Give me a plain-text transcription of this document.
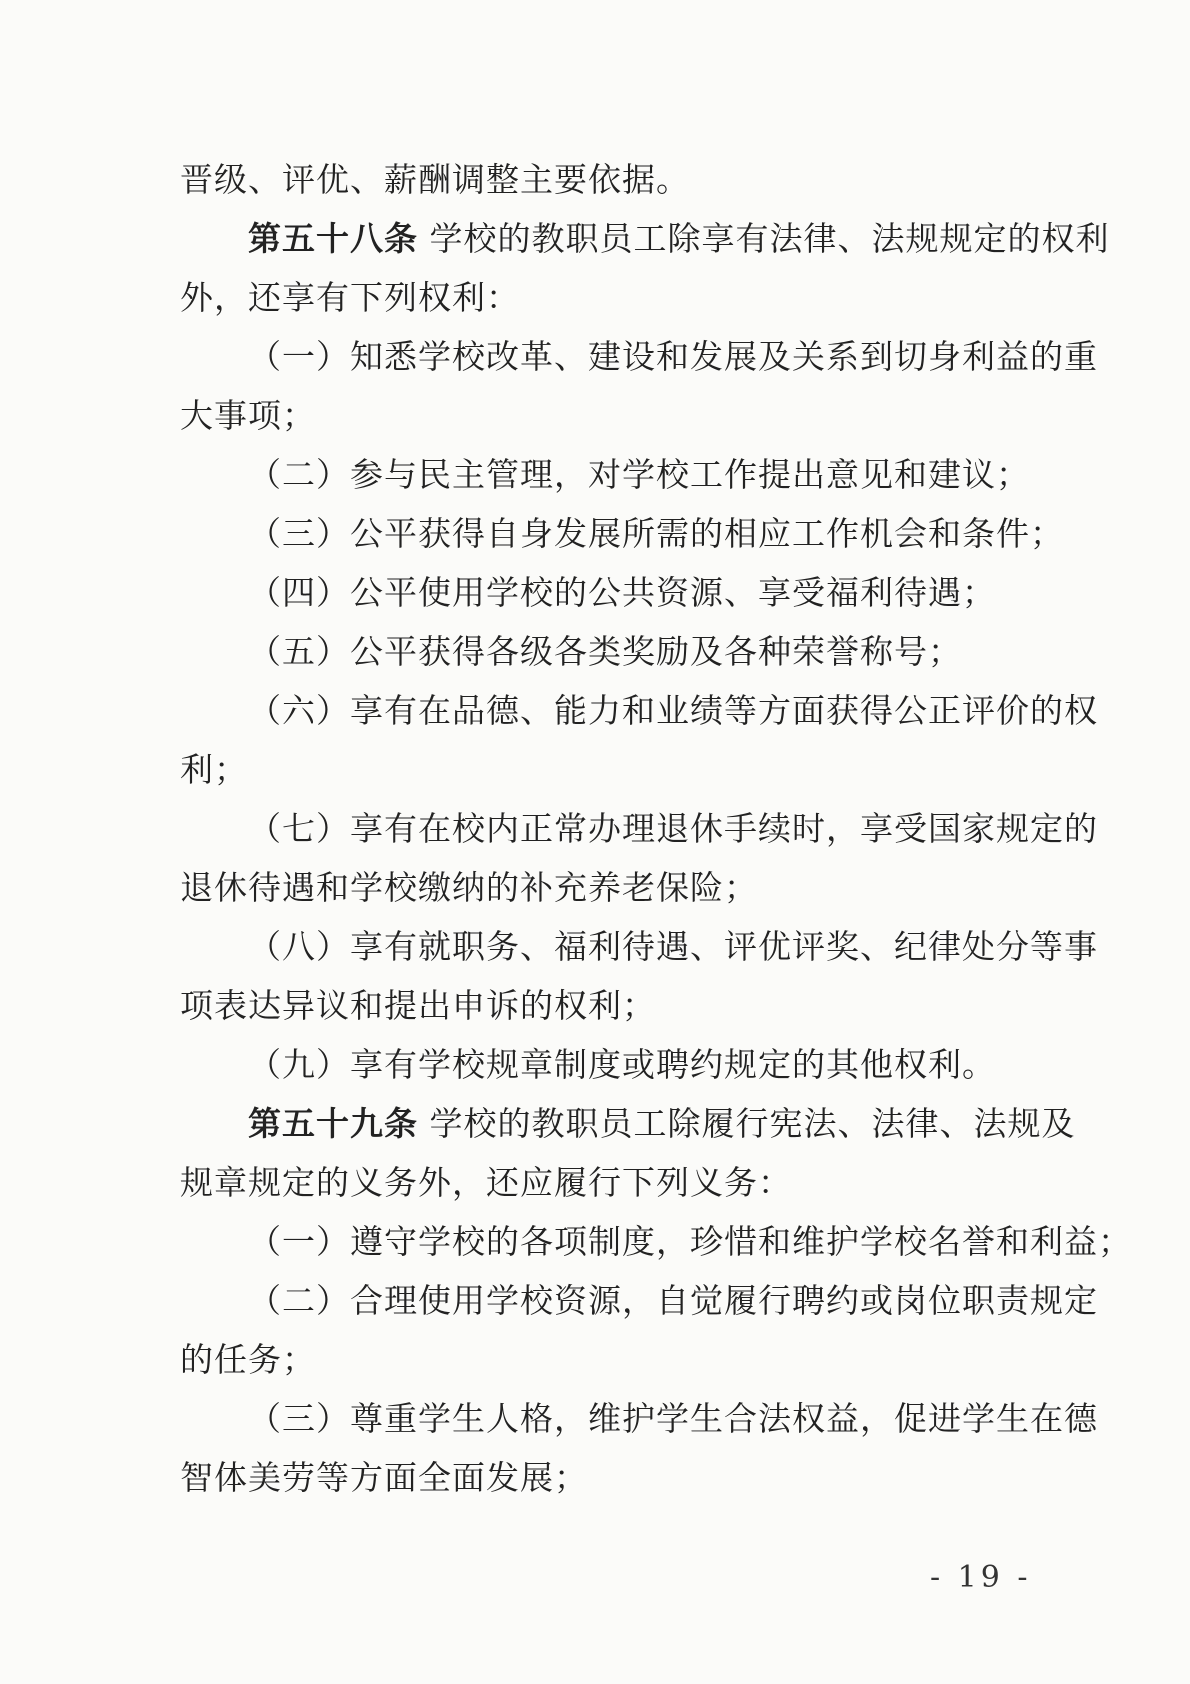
晋级、评优、薪酬调整主要依据。
第五十八条 学校的教职员工除享有法律、法规规定的权利
外，还享有下列权利：
（一）知悉学校改革、建设和发展及关系到切身利益的重
大事项；
（二）参与民主管理，对学校工作提出意见和建议；
（三）公平获得自身发展所需的相应工作机会和条件；
（四）公平使用学校的公共资源、享受福利待遇；
（五）公平获得各级各类奖励及各种荣誉称号；
（六）享有在品德、能力和业绩等方面获得公正评价的权
利；
（七）享有在校内正常办理退休手续时，享受国家规定的
退休待遇和学校缴纳的补充养老保险；
（八）享有就职务、福利待遇、评优评奖、纪律处分等事
项表达异议和提出申诉的权利；
（九）享有学校规章制度或聘约规定的其他权利。
第五十九条 学校的教职员工除履行宪法、法律、法规及
规章规定的义务外，还应履行下列义务：
（一）遵守学校的各项制度，珍惜和维护学校名誉和利益；
（二）合理使用学校资源，自觉履行聘约或岗位职责规定
的任务；
（三）尊重学生人格，维护学生合法权益，促进学生在德
智体美劳等方面全面发展；
- 19 -
